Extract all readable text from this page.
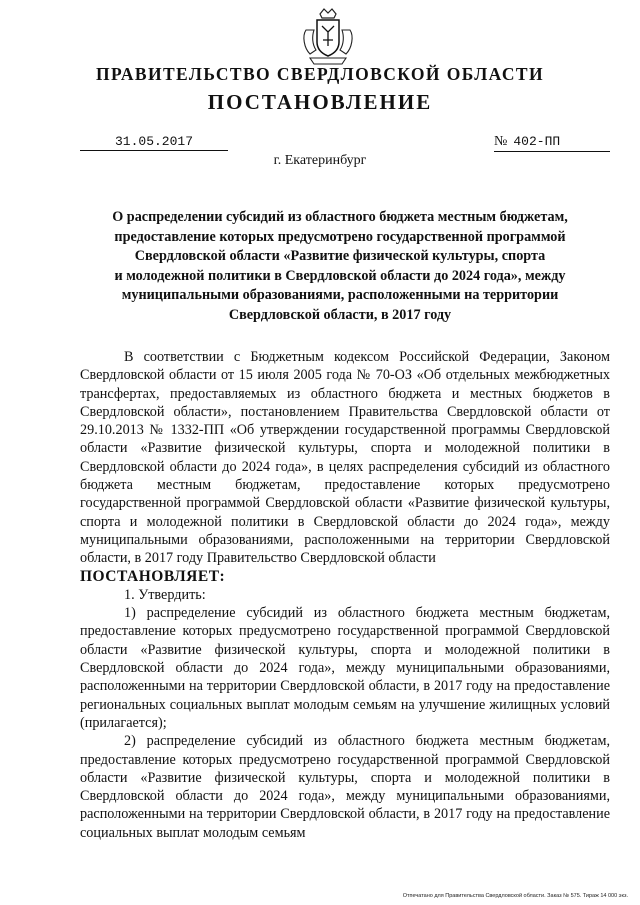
ПРАВИТЕЛЬСТВО СВЕРДЛОВСКОЙ ОБЛАСТИ
ПОСТАНОВЛЕНИЕ
31.05.2017	№ 402-ПП
г. Екатеринбург
О распределении субсидий из областного бюджета местным бюджетам,
предоставление которых предусмотрено государственной программой
Свердловской области «Развитие физической культуры, спорта
и молодежной политики в Свердловской области до 2024 года», между
муниципальными образованиями, расположенными на территории
Свердловской области, в 2017 году

В соответствии с Бюджетным кодексом Российской Федерации, Законом Свердловской области от 15 июля 2005 года № 70-ОЗ «Об отдельных межбюджетных трансфертах, предоставляемых из областного бюджета и местных бюджетов в Свердловской области», постановлением Правительства Свердловской области от 29.10.2013 № 1332-ПП «Об утверждении государственной программы Свердловской области «Развитие физической культуры, спорта и молодежной политики в Свердловской области до 2024 года», в целях распределения субсидий из областного бюджета местным бюджетам, предоставление которых предусмотрено государственной программой Свердловской области «Развитие физической культуры, спорта и молодежной политики в Свердловской области до 2024 года», между муниципальными образованиями, расположенными на территории Свердловской области, в 2017 году Правительство Свердловской области

ПОСТАНОВЛЯЕТ:

1. Утвердить:

1) распределение субсидий из областного бюджета местным бюджетам, предоставление которых предусмотрено государственной программой Свердловской области «Развитие физической культуры, спорта и молодежной политики в Свердловской области до 2024 года», между муниципальными образованиями, расположенными на территории Свердловской области, в 2017 году на предоставление региональных социальных выплат молодым семьям на улучшение жилищных условий (прилагается);

2) распределение субсидий из областного бюджета местным бюджетам, предоставление которых предусмотрено государственной программой Свердловской области «Развитие физической культуры, спорта и молодежной политики в Свердловской области до 2024 года», между муниципальными образованиями, расположенными на территории Свердловской области, в 2017 году на предоставление социальных выплат молодым семьям

Отпечатано для Правительства Свердловской области. Заказ № 575. Тираж 14 000 экз.
